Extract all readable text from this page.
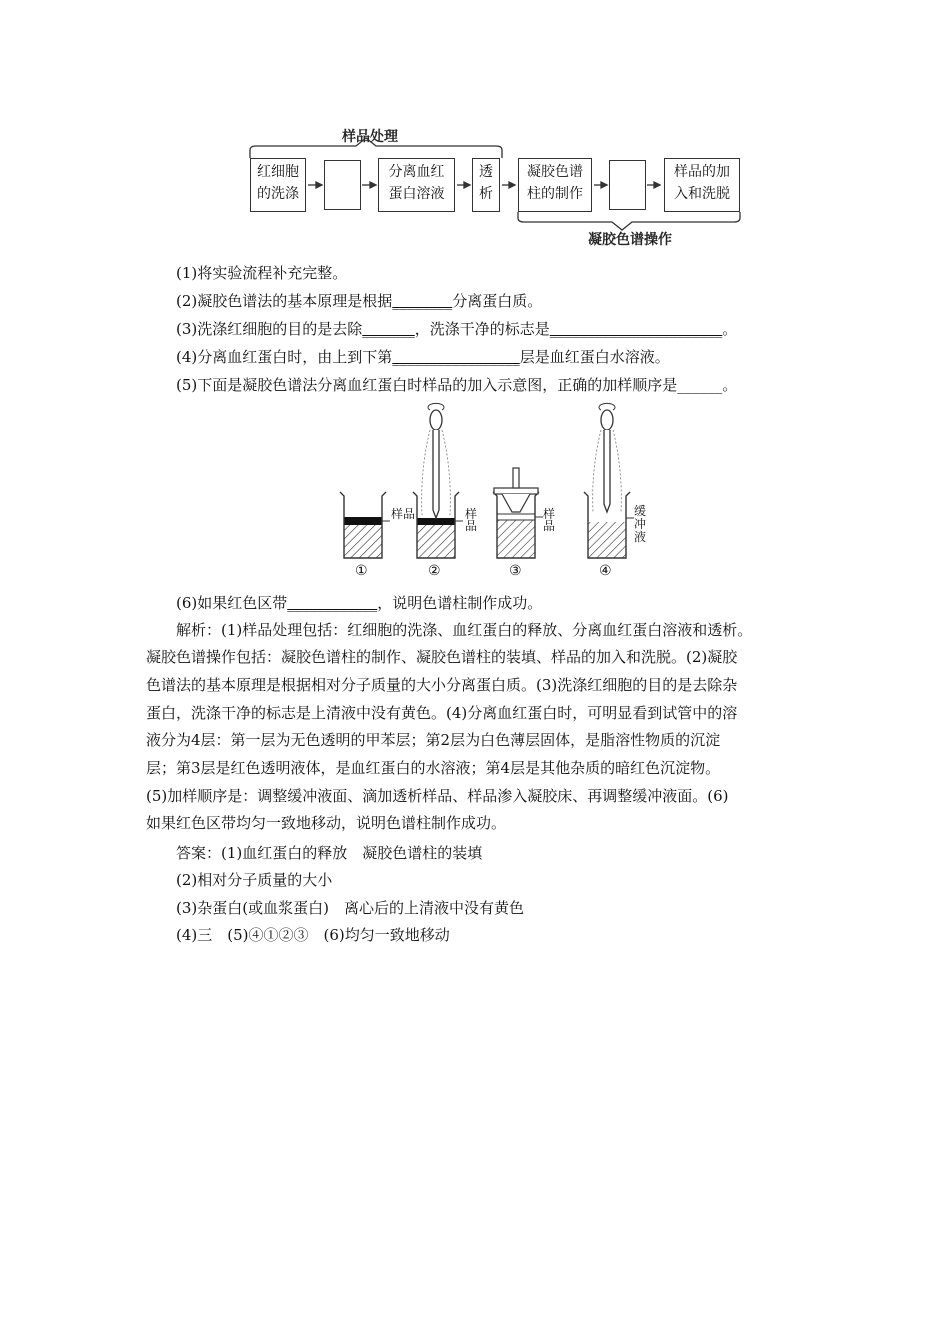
样品处理
红细胞
的洗涤
分离血红
蛋白溶液
透
析
凝胶色谱
柱的制作
样品的加
入和洗脱
凝胶色谱操作
(1)将实验流程补充完整。
(2)凝胶色谱法的基本原理是根据________分离蛋白质。
(3)洗涤红细胞的目的是去除_______，洗涤干净的标志是_______________________。
(4)分离血红蛋白时，由上到下第_________________层是血红蛋白水溶液。
(5)下面是凝胶色谱法分离血红蛋白时样品的加入示意图，正确的加样顺序是______。
样品	样品
样品
缓冲液
①	②	③	④
(6)如果红色区带____________，说明色谱柱制作成功。
解析：(1)样品处理包括：红细胞的洗涤、血红蛋白的释放、分离血红蛋白溶液和透析。
凝胶色谱操作包括：凝胶色谱柱的制作、凝胶色谱柱的装填、样品的加入和洗脱。(2)凝胶
色谱法的基本原理是根据相对分子质量的大小分离蛋白质。(3)洗涤红细胞的目的是去除杂
蛋白，洗涤干净的标志是上清液中没有黄色。(4)分离血红蛋白时，可明显看到试管中的溶
液分为4层：第一层为无色透明的甲苯层；第2层为白色薄层固体，是脂溶性物质的沉淀
层；第3层是红色透明液体，是血红蛋白的水溶液；第4层是其他杂质的暗红色沉淀物。
(5)加样顺序是：调整缓冲液面、滴加透析样品、样品渗入凝胶床、再调整缓冲液面。(6)
如果红色区带均匀一致地移动，说明色谱柱制作成功。
答案：(1)血红蛋白的释放　凝胶色谱柱的装填
(2)相对分子质量的大小
(3)杂蛋白(或血浆蛋白)　离心后的上清液中没有黄色
(4)三　(5)④①②③　(6)均匀一致地移动
